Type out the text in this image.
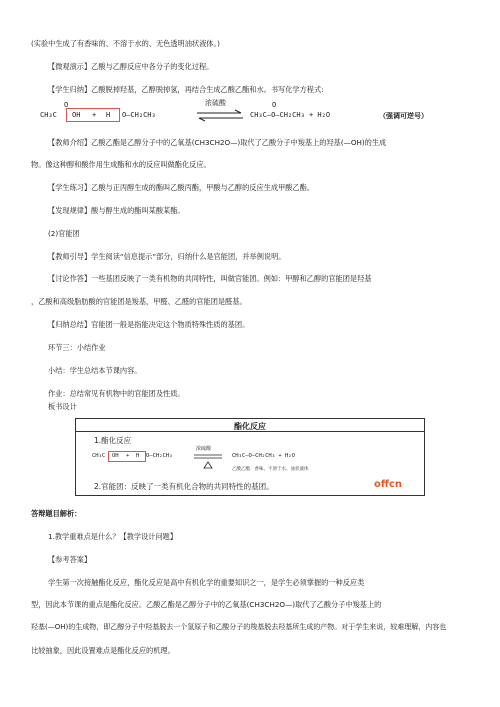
(实验中生成了有香味的、不溶于水的、无色透明油状液体。)
【微观演示】乙酸与乙醇反应中各分子的变化过程。
【学生归纳】乙酸脱掉羟基，乙醇脱掉氢，再结合生成乙酸乙酯和水。书写化学方程式:
O
CH₃C OH + H O—CH₂CH₃
浓硫酸	O
CH₃C—O—CH₂CH₃ + H₂O	（强调可逆号）
【教师介绍】乙酸乙酯是乙醇分子中的乙氧基(CH3CH2O—)取代了乙酸分子中羧基上的羟基(—OH)的生成
物。像这种醇和酸作用生成酯和水的反应叫做酯化反应。
【学生练习】乙酸与正丙醇生成的酯叫乙酸丙酯，甲酸与乙醇的反应生成甲酸乙酯。
【发现规律】酸与醇生成的酯叫某酸某酯。
(2)官能团
【教师引导】学生阅读“信息提示”部分，归纳什么是官能团，并举例说明。
【讨论作答】一些基团反映了一类有机物的共同特性，叫做官能团。例如：甲醇和乙醇的官能团是羟基
，乙酸和高级脂肪酸的官能团是羧基，甲醛、乙醛的官能团是醛基。
【归纳总结】官能团一般是指能决定这个物质特殊性质的基团。
环节三：小结作业
小结：学生总结本节课内容。
作业：总结常见有机物中的官能团及性质。
板书设计
酯化反应
1.酯化反应
CH₃C OH + H O—CH₂CH₃
浓硫酸
CH₃C—O—CH₂CH₃ + H₂O
乙酸乙酯：香味、不溶于水、油状液体
2.官能团：反映了一类有机化合物的共同特性的基团。	offcn
答辩题目解析：
1.教学重难点是什么？【教学设计问题】
【参考答案】
学生第一次接触酯化反应，酯化反应是高中有机化学的重要知识之一，是学生必须掌握的一种反应类
型，因此本节课的重点是酯化反应。乙酸乙酯是乙醇分子中的乙氧基(CH3CH2O—)取代了乙酸分子中羧基上的
羟基(—OH)的生成物，即乙醇分子中羟基脱去一个氢原子和乙酸分子的羧基脱去羟基所生成的产物。对于学生来说，较难理解，内容也
比较抽象，因此设置难点是酯化反应的机理。
